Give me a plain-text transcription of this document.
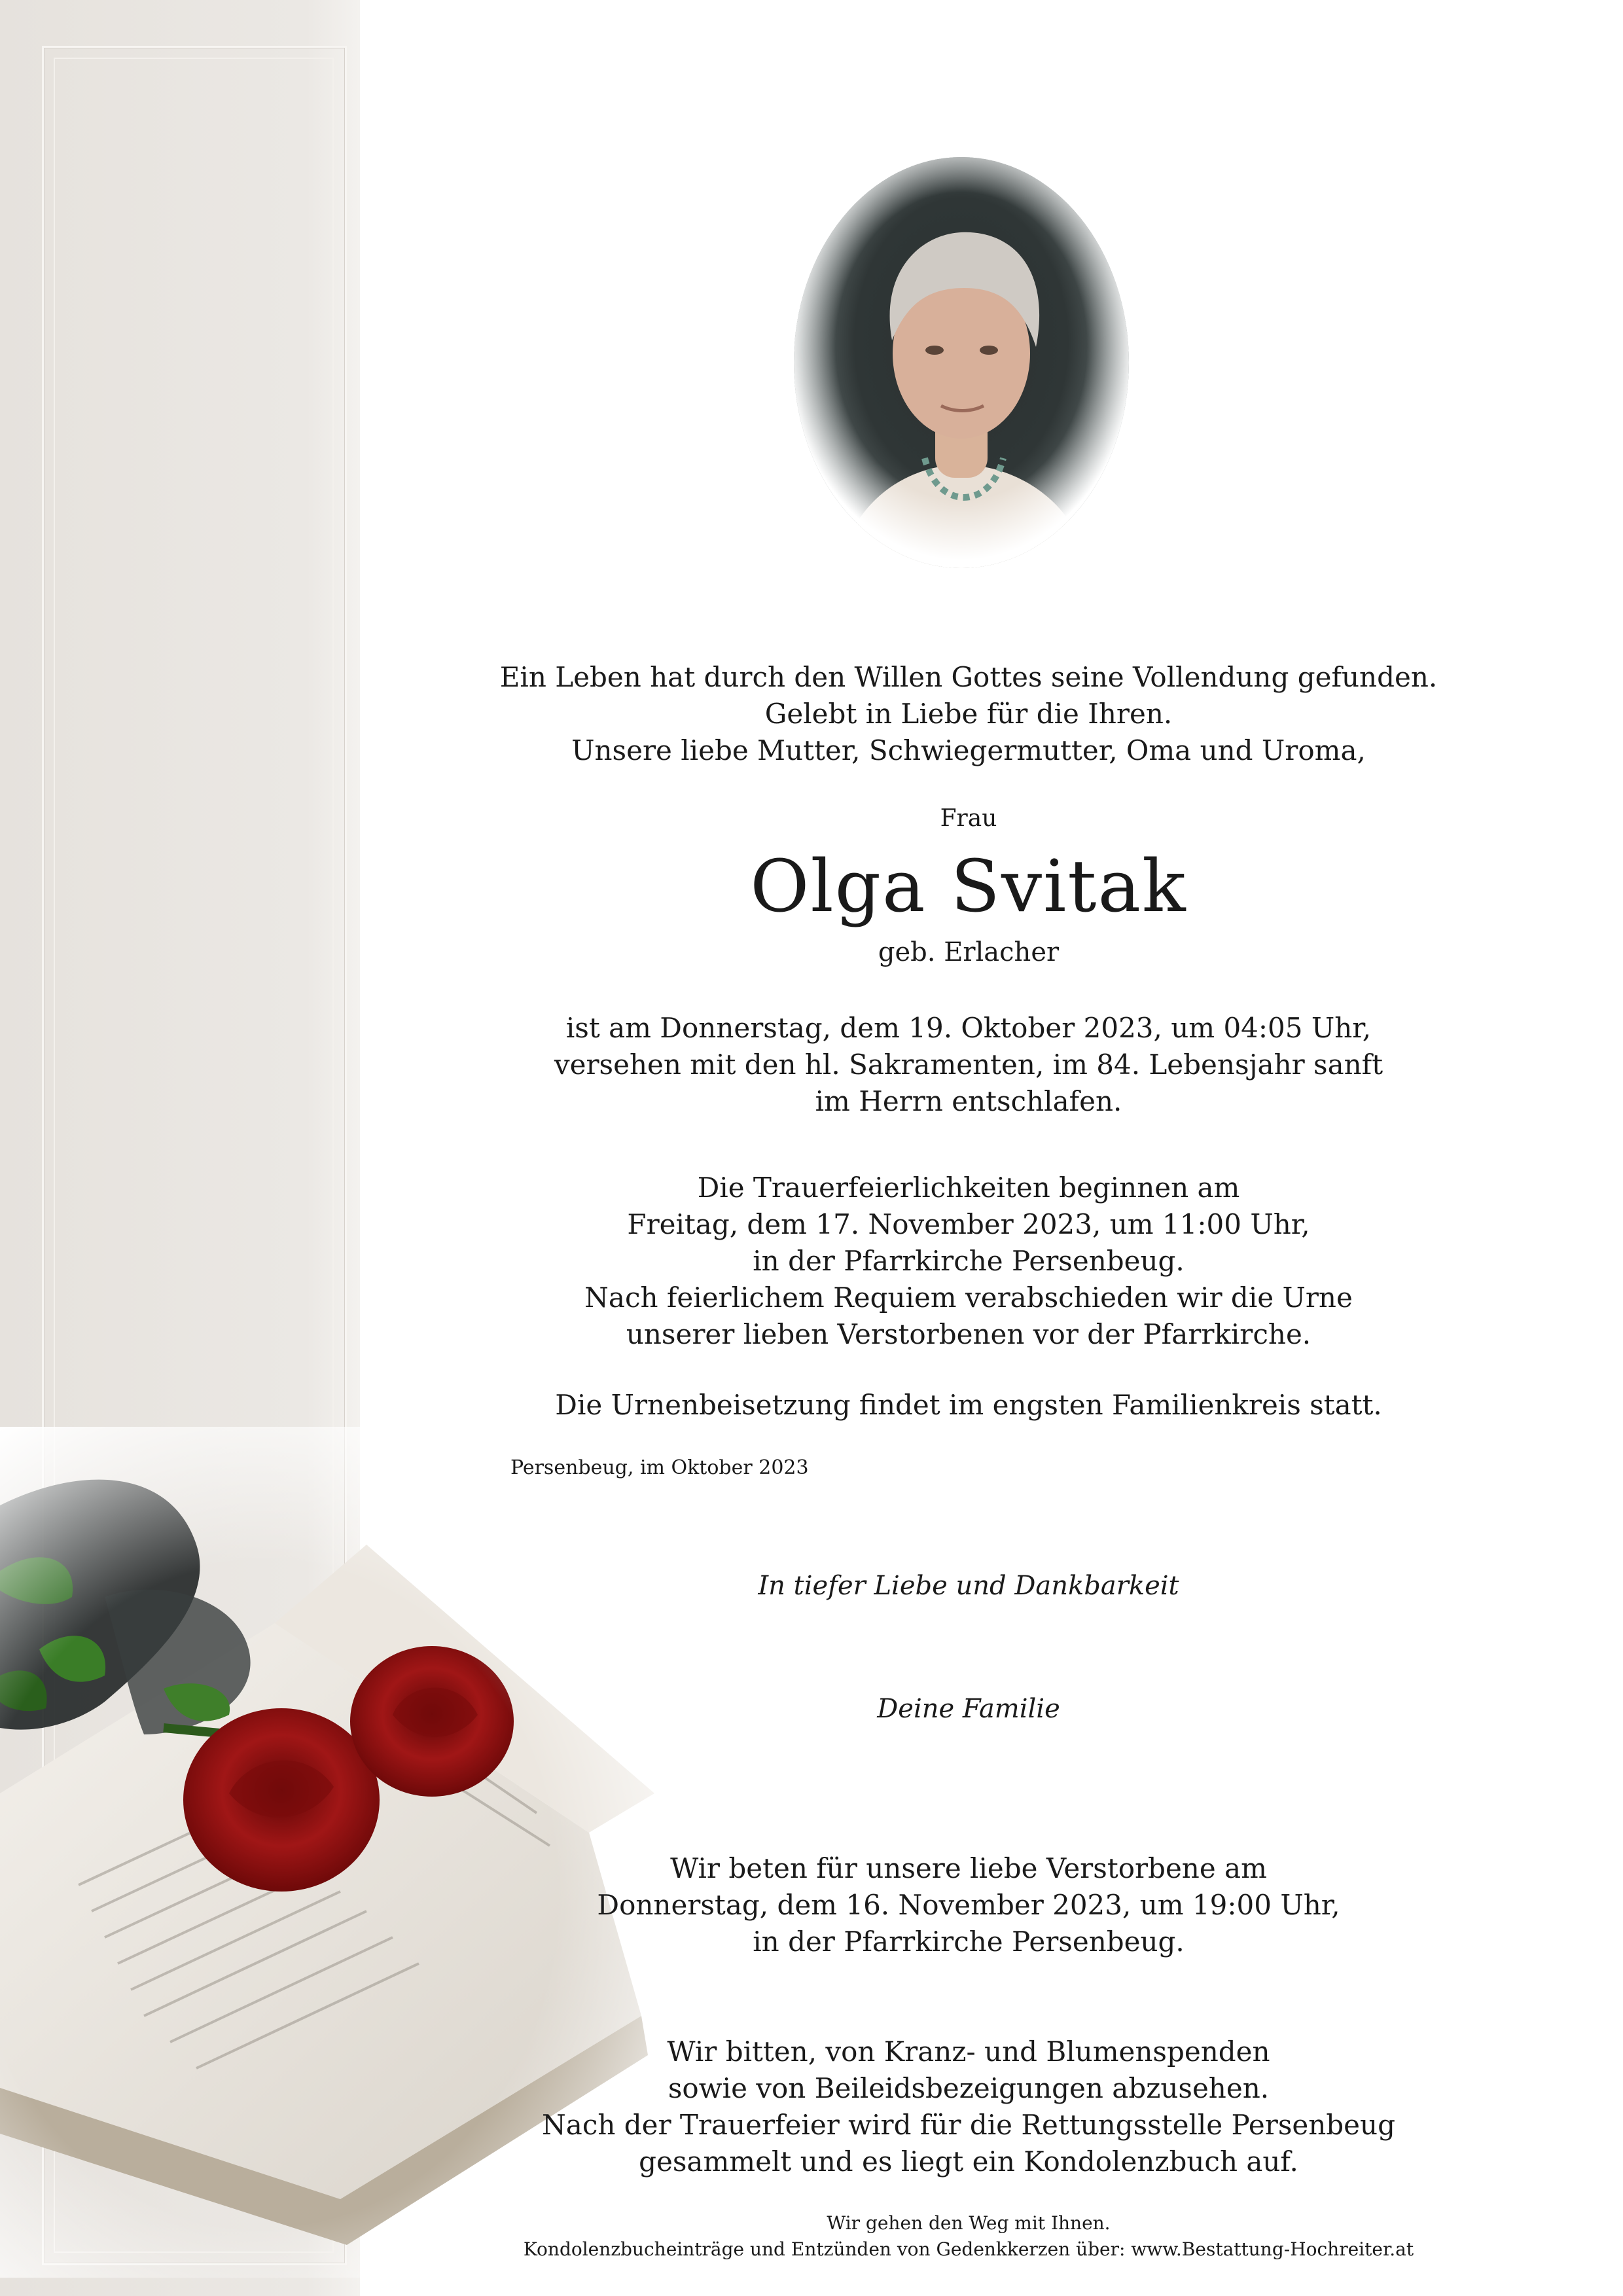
Ein Leben hat durch den Willen Gottes seine Vollendung gefunden.
Gelebt in Liebe für die Ihren.
Unsere liebe Mutter, Schwiegermutter, Oma und Uroma,
Frau
Olga Svitak
geb. Erlacher
ist am Donnerstag, dem 19. Oktober 2023, um 04:05 Uhr,
versehen mit den hl. Sakramenten, im 84. Lebensjahr sanft
im Herrn entschlafen.
Die Trauerfeierlichkeiten beginnen am
Freitag, dem 17. November 2023, um 11:00 Uhr,
in der Pfarrkirche Persenbeug.
Nach feierlichem Requiem verabschieden wir die Urne
unserer lieben Verstorbenen vor der Pfarrkirche.
Die Urnenbeisetzung findet im engsten Familienkreis statt.
Persenbeug, im Oktober 2023
In tiefer Liebe und Dankbarkeit
Deine Familie
Wir beten für unsere liebe Verstorbene am
Donnerstag, dem 16. November 2023, um 19:00 Uhr,
in der Pfarrkirche Persenbeug.
Wir bitten, von Kranz- und Blumenspenden
sowie von Beileidsbezeigungen abzusehen.
Nach der Trauerfeier wird für die Rettungsstelle Persenbeug
gesammelt und es liegt ein Kondolenzbuch auf.
Wir gehen den Weg mit Ihnen.
Kondolenzbucheinträge und Entzünden von Gedenkkerzen über: www.Bestattung-Hochreiter.at
